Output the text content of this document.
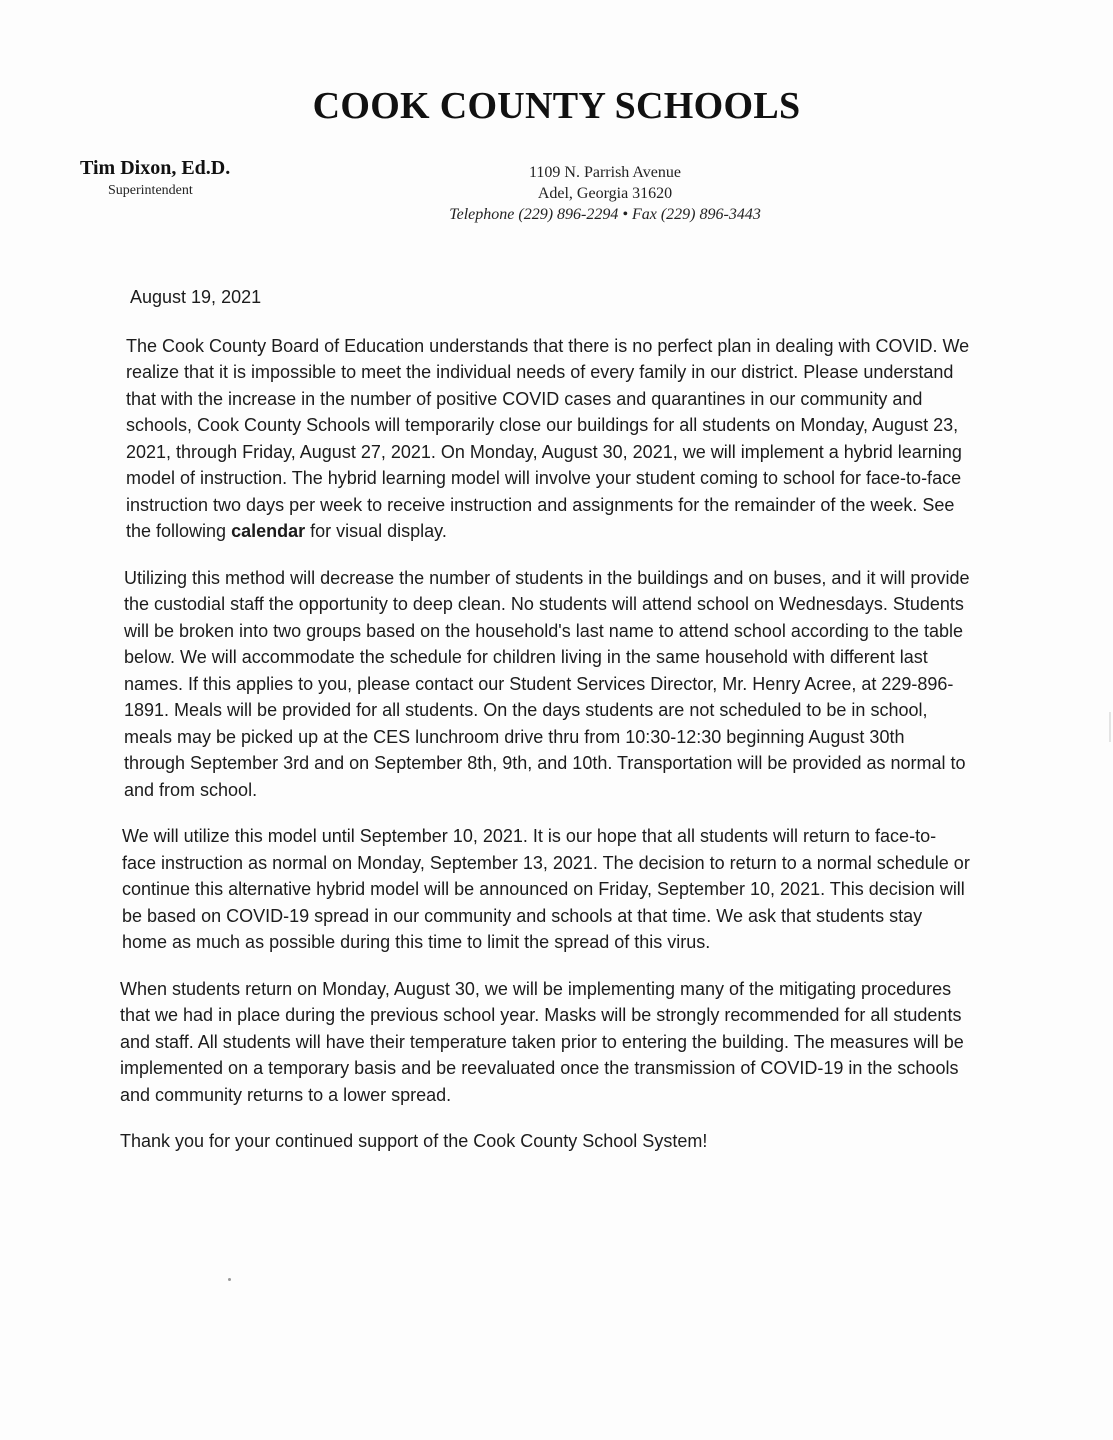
COOK COUNTY SCHOOLS
Tim Dixon, Ed.D.
Superintendent
1109 N. Parrish Avenue
Adel, Georgia 31620
Telephone (229) 896-2294 • Fax (229) 896-3443
August 19, 2021

The Cook County Board of Education understands that there is no perfect plan in dealing with COVID. We realize that it is impossible to meet the individual needs of every family in our district. Please understand that with the increase in the number of positive COVID cases and quarantines in our community and schools, Cook County Schools will temporarily close our buildings for all students on Monday, August 23, 2021, through Friday, August 27, 2021. On Monday, August 30, 2021, we will implement a hybrid learning model of instruction. The hybrid learning model will involve your student coming to school for face-to-face instruction two days per week to receive instruction and assignments for the remainder of the week. See the following calendar for visual display.

Utilizing this method will decrease the number of students in the buildings and on buses, and it will provide the custodial staff the opportunity to deep clean. No students will attend school on Wednesdays. Students will be broken into two groups based on the household's last name to attend school according to the table below. We will accommodate the schedule for children living in the same household with different last names. If this applies to you, please contact our Student Services Director, Mr. Henry Acree, at 229-896-1891. Meals will be provided for all students. On the days students are not scheduled to be in school, meals may be picked up at the CES lunchroom drive thru from 10:30-12:30 beginning August 30th through September 3rd and on September 8th, 9th, and 10th. Transportation will be provided as normal to and from school.

We will utilize this model until September 10, 2021. It is our hope that all students will return to face-to-face instruction as normal on Monday, September 13, 2021. The decision to return to a normal schedule or continue this alternative hybrid model will be announced on Friday, September 10, 2021. This decision will be based on COVID-19 spread in our community and schools at that time. We ask that students stay home as much as possible during this time to limit the spread of this virus.

When students return on Monday, August 30, we will be implementing many of the mitigating procedures that we had in place during the previous school year. Masks will be strongly recommended for all students and staff. All students will have their temperature taken prior to entering the building. The measures will be implemented on a temporary basis and be reevaluated once the transmission of COVID-19 in the schools and community returns to a lower spread.

Thank you for your continued support of the Cook County School System!
